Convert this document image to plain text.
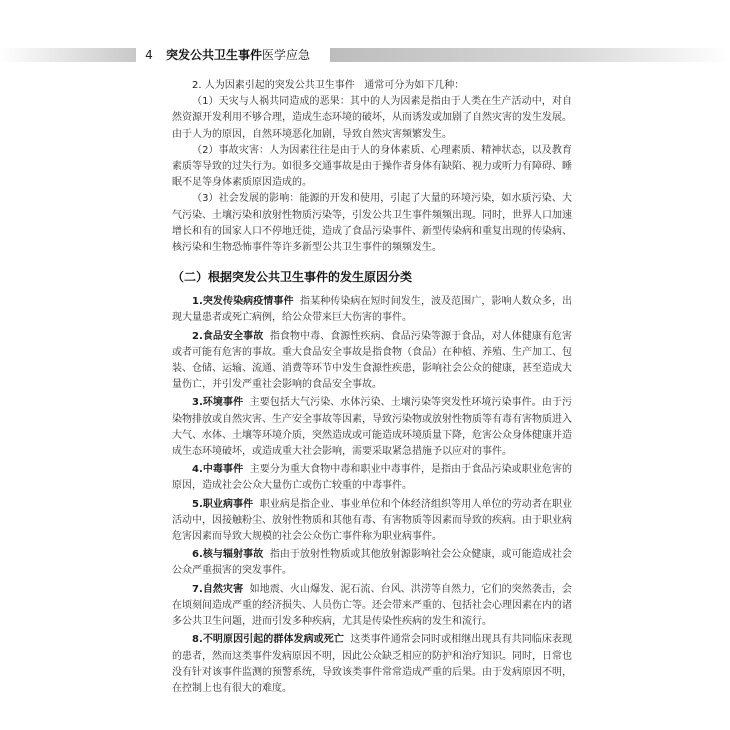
4	突发公共卫生事件医学应急

2. 人为因素引起的突发公共卫生事件 通常可分为如下几种：

（1）天灾与人祸共同造成的恶果：其中的人为因素是指由于人类在生产活动中，对自然资源开发利用不够合理，造成生态环境的破坏，从而诱发或加剧了自然灾害的发生发展。由于人为的原因，自然环境恶化加剧，导致自然灾害频繁发生。

（2）事故灾害：人为因素往往是由于人的身体素质、心理素质、精神状态，以及教育素质等导致的过失行为。如很多交通事故是由于操作者身体有缺陷、视力或听力有障碍、睡眠不足等身体素质原因造成的。

（3）社会发展的影响：能源的开发和使用，引起了大量的环境污染，如水质污染、大气污染、土壤污染和放射性物质污染等，引发公共卫生事件频频出现。同时，世界人口加速增长和有的国家人口不停地迁徙，造成了食品污染事件、新型传染病和重复出现的传染病、核污染和生物恐怖事件等许多新型公共卫生事件的频频发生。

（二）根据突发公共卫生事件的发生原因分类

1.突发传染病疫情事件 指某种传染病在短时间发生，波及范围广，影响人数众多，出现大量患者或死亡病例，给公众带来巨大伤害的事件。

2.食品安全事故 指食物中毒、食源性疾病、食品污染等源于食品，对人体健康有危害或者可能有危害的事故。重大食品安全事故是指食物（食品）在种植、养殖、生产加工、包装、仓储、运输、流通、消费等环节中发生食源性疾患，影响社会公众的健康，甚至造成大量伤亡，并引发严重社会影响的食品安全事故。

3.环境事件 主要包括大气污染、水体污染、土壤污染等突发性环境污染事件。由于污染物排放或自然灾害、生产安全事故等因素，导致污染物或放射性物质等有毒有害物质进入大气、水体、土壤等环境介质，突然造成或可能造成环境质量下降，危害公众身体健康并造成生态环境破坏，或造成重大社会影响，需要采取紧急措施予以应对的事件。

4.中毒事件 主要分为重大食物中毒和职业中毒事件，是指由于食品污染或职业危害的原因，造成社会公众大量伤亡或伤亡较重的中毒事件。

5.职业病事件 职业病是指企业、事业单位和个体经济组织等用人单位的劳动者在职业活动中，因接触粉尘、放射性物质和其他有毒、有害物质等因素而导致的疾病。由于职业病危害因素而导致大规模的社会公众伤亡事件称为职业病事件。

6.核与辐射事故 指由于放射性物质或其他放射源影响社会公众健康，或可能造成社会公众严重损害的突发事件。

7.自然灾害 如地震、火山爆发、泥石流、台风、洪涝等自然力，它们的突然袭击，会在顷刻间造成严重的经济损失、人员伤亡等。还会带来严重的、包括社会心理因素在内的诸多公共卫生问题，进而引发多种疾病，尤其是传染性疾病的发生和流行。

8.不明原因引起的群体发病或死亡 这类事件通常会同时或相继出现具有共同临床表现的患者，然而这类事件发病原因不明，因此公众缺乏相应的防护和治疗知识。同时，日常也没有针对该事件监测的预警系统，导致该类事件常常造成严重的后果。由于发病原因不明，在控制上也有很大的难度。
